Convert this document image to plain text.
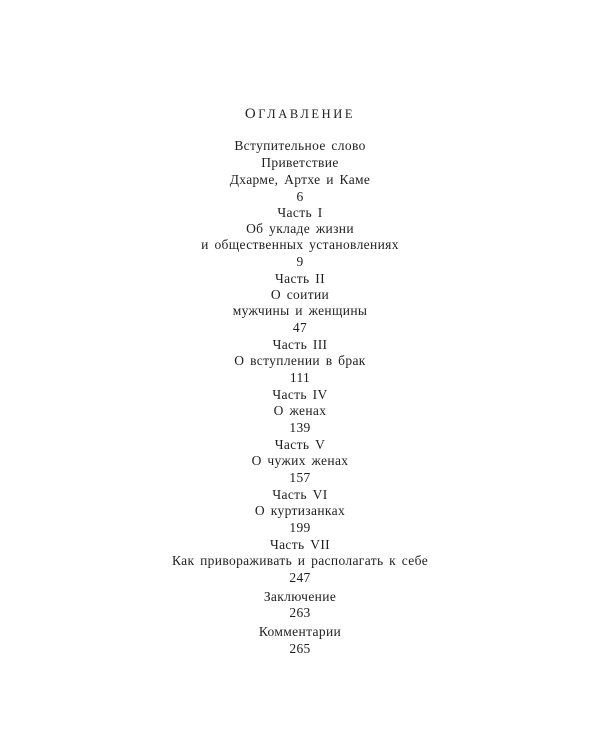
ОГЛАВЛЕНИЕ
Вступительное слово
Приветствие
Дхарме, Артхе и Каме
6
Часть I
Об укладе жизни
и общественных установлениях
9
Часть II
О соитии
мужчины и женщины
47
Часть III
О вступлении в брак
111
Часть IV
О женах
139
Часть V
О чужих женах
157
Часть VI
О куртизанках
199
Часть VII
Как привораживать и располагать к себе
247
Заключение
263
Комментарии
265
